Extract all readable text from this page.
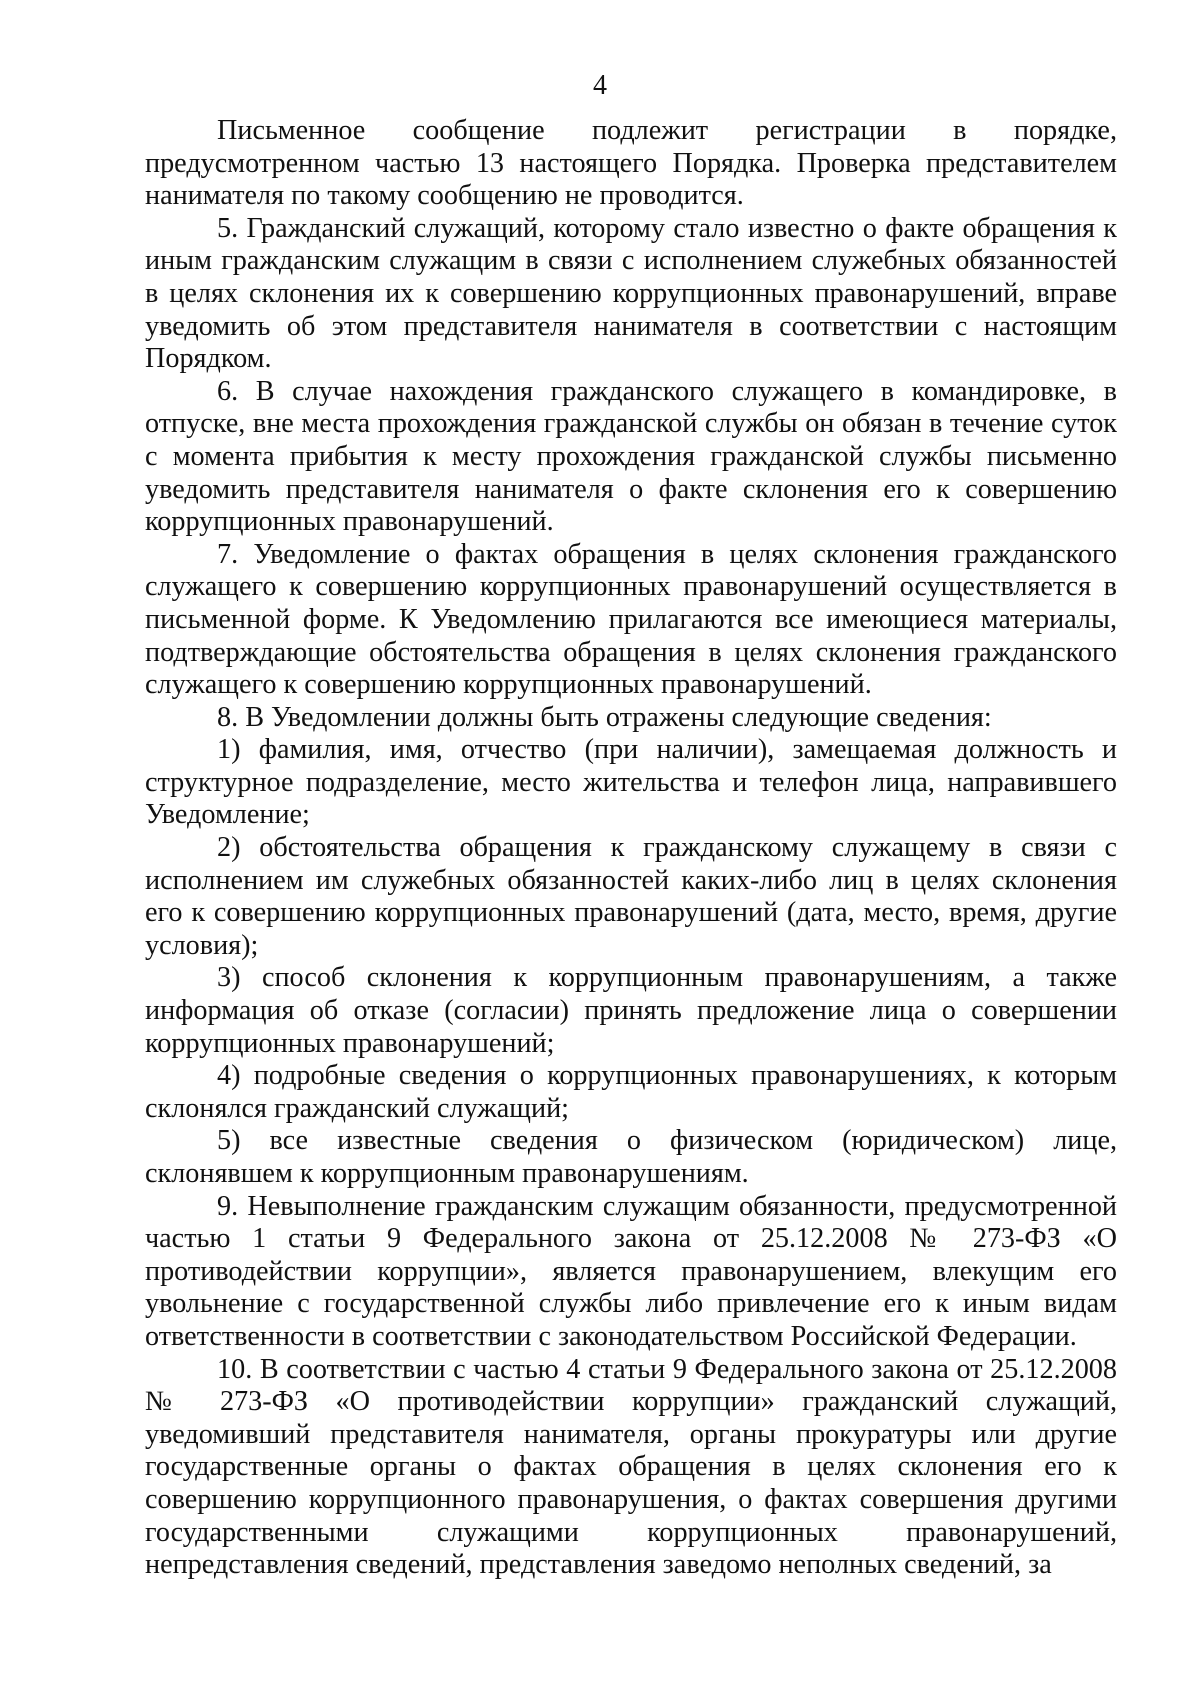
4

Письменное сообщение подлежит регистрации в порядке, предусмотренном частью 13 настоящего Порядка. Проверка представителем нанимателя по такому сообщению не проводится.

5. Гражданский служащий, которому стало известно о факте обращения к иным гражданским служащим в связи с исполнением служебных обязанностей в целях склонения их к совершению коррупционных правонарушений, вправе уведомить об этом представителя нанимателя в соответствии с настоящим Порядком.

6. В случае нахождения гражданского служащего в командировке, в отпуске, вне места прохождения гражданской службы он обязан в течение суток с момента прибытия к месту прохождения гражданской службы письменно уведомить представителя нанимателя о факте склонения его к совершению коррупционных правонарушений.

7. Уведомление о фактах обращения в целях склонения гражданского служащего к совершению коррупционных правонарушений осуществляется в письменной форме. К Уведомлению прилагаются все имеющиеся материалы, подтверждающие обстоятельства обращения в целях склонения гражданского служащего к совершению коррупционных правонарушений.

8. В Уведомлении должны быть отражены следующие сведения:

1) фамилия, имя, отчество (при наличии), замещаемая должность и структурное подразделение, место жительства и телефон лица, направившего Уведомление;

2) обстоятельства обращения к гражданскому служащему в связи с исполнением им служебных обязанностей каких-либо лиц в целях склонения его к совершению коррупционных правонарушений (дата, место, время, другие условия);

3) способ склонения к коррупционным правонарушениям, а также информация об отказе (согласии) принять предложение лица о совершении коррупционных правонарушений;

4) подробные сведения о коррупционных правонарушениях, к которым склонялся гражданский служащий;

5) все известные сведения о физическом (юридическом) лице, склонявшем к коррупционным правонарушениям.

9. Невыполнение гражданским служащим обязанности, предусмотренной частью 1 статьи 9 Федерального закона от 25.12.2008 № 273-ФЗ «О противодействии коррупции», является правонарушением, влекущим его увольнение с государственной службы либо привлечение его к иным видам ответственности в соответствии с законодательством Российской Федерации.

10. В соответствии с частью 4 статьи 9 Федерального закона от 25.12.2008 № 273-ФЗ «О противодействии коррупции» гражданский служащий, уведомивший представителя нанимателя, органы прокуратуры или другие государственные органы о фактах обращения в целях склонения его к совершению коррупционного правонарушения, о фактах совершения другими государственными служащими коррупционных правонарушений, непредставления сведений, представления заведомо неполных сведений, за
